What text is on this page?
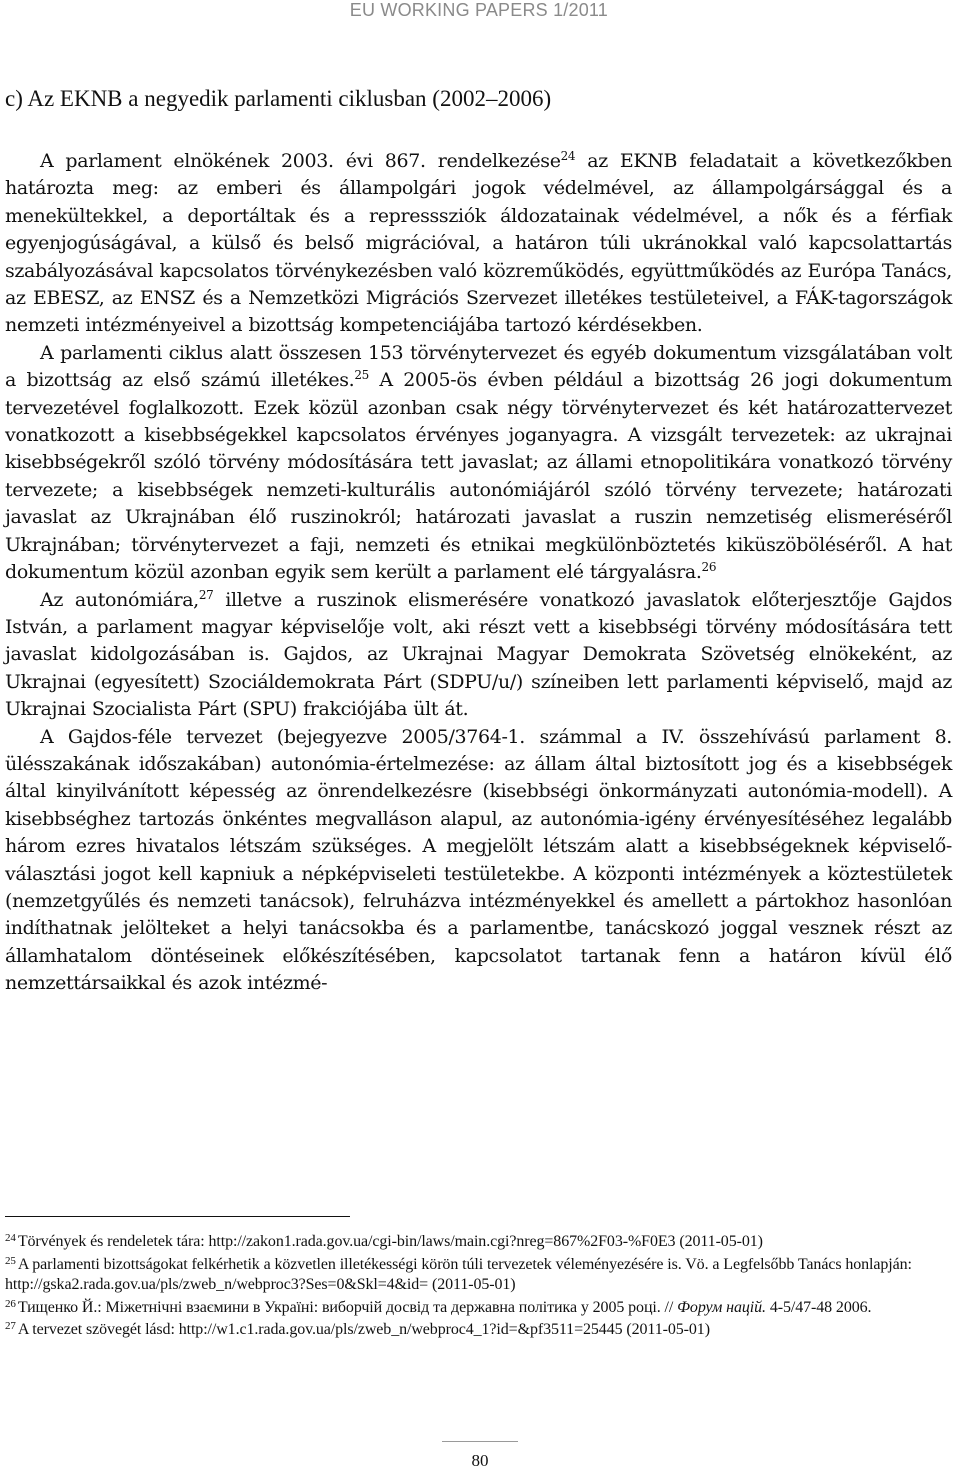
EU WORKING PAPERS 1/2011
c) Az EKNB a negyedik parlamenti ciklusban (2002–2006)

A parlament elnökének 2003. évi 867. rendelkezése$^{24}$ az EKNB feladatait a következőkben határozta meg: az emberi és állampolgári jogok védelmével, az állampolgársággal és a menekültekkel, a deportáltak és a represssziók áldozatainak védelmével, a nők és a férfiak egyenjogúságával, a külső és belső migrációval, a határon túli ukránokkal való kapcsolattartás szabályozásával kapcsolatos törvénykezésben való közreműködés, együttműködés az Európa Tanács, az EBESZ, az ENSZ és a Nemzetközi Migrációs Szervezet illetékes testületeivel, a FÁK-tagországok nemzeti intézményeivel a bizottság kompetenciájába tartozó kérdésekben.

A parlamenti ciklus alatt összesen 153 törvénytervezet és egyéb dokumentum vizsgálatában volt a bizottság az első számú illetékes.$^{25}$ A 2005-ös évben például a bizottság 26 jogi dokumentum tervezetével foglalkozott. Ezek közül azonban csak négy törvénytervezet és két határozattervezet vonatkozott a kisebbségekkel kapcsolatos érvényes joganyagra. A vizsgált tervezetek: az ukrajnai kisebbségekről szóló törvény módosítására tett javaslat; az állami etnopolitikára vonatkozó törvény tervezete; a kisebbségek nemzeti-kulturális autonómiájáról szóló törvény tervezete; határozati javaslat az Ukrajnában élő ruszinokról; határozati javaslat a ruszin nemzetiség elismeréséről Ukrajnában; törvénytervezet a faji, nemzeti és etnikai megkülönböztetés kiküszöböléséről. A hat dokumentum közül azonban egyik sem került a parlament elé tárgyalásra.$^{26}$

Az autonómiára,$^{27}$ illetve a ruszinok elismerésére vonatkozó javaslatok előterjesztője Gajdos István, a parlament magyar képviselője volt, aki részt vett a kisebbségi törvény módosítására tett javaslat kidolgozásában is. Gajdos, az Ukrajnai Magyar Demokrata Szövetség elnökeként, az Ukrajnai (egyesített) Szociáldemokrata Párt (SDPU/u/) színeiben lett parlamenti képviselő, majd az Ukrajnai Szocialista Párt (SPU) frakciójába ült át.

A Gajdos-féle tervezet (bejegyezve 2005/3764-1. számmal a IV. összehívású parlament 8. ülésszakának időszakában) autonómia-értelmezése: az állam által biztosított jog és a kisebbségek által kinyilvánított képesség az önrendelkezésre (kisebbségi önkormányzati autonómia-modell). A kisebbséghez tartozás önkéntes megvalláson alapul, az autonómia-igény érvényesítéséhez legalább három ezres hivatalos létszám szükséges. A megjelölt létszám alatt a kisebbségeknek képviselő-választási jogot kell kapniuk a népképviseleti testületekbe. A központi intézmények a köztestületek (nemzetgyűlés és nemzeti tanácsok), felruházva intézményekkel és amellett a pártokhoz hasonlóan indíthatnak jelölteket a helyi tanácsokba és a parlamentbe, tanácskozó joggal vesznek részt az államhatalom döntéseinek előkészítésében, kapcsolatot tartanak fenn a határon kívül élő nemzettársaikkal és azok intézmé-

$^{24}$ Törvények és rendeletek tára: http://zakon1.rada.gov.ua/cgi-bin/laws/main.cgi?nreg=867%2F03-%F0E3 (2011-05-01)
$^{25}$ A parlamenti bizottságokat felkérhetik a közvetlen illetékességi körön túli tervezetek véleményezésére is. Vö. a Legfelsőbb Tanács honlapján: http://gska2.rada.gov.ua/pls/zweb_n/webproc3?Ses=0&Skl=4&id= (2011-05-01)
$^{26}$ Тищенко Й.: Міжетнічні взаємини в Україні: виборчій досвід та державна політика у 2005 році. // Форум націй. 4-5/47-48 2006.
$^{27}$ A tervezet szövegét lásd: http://w1.c1.rada.gov.ua/pls/zweb_n/webproc4_1?id=&pf3511=25445 (2011-05-01)
80
